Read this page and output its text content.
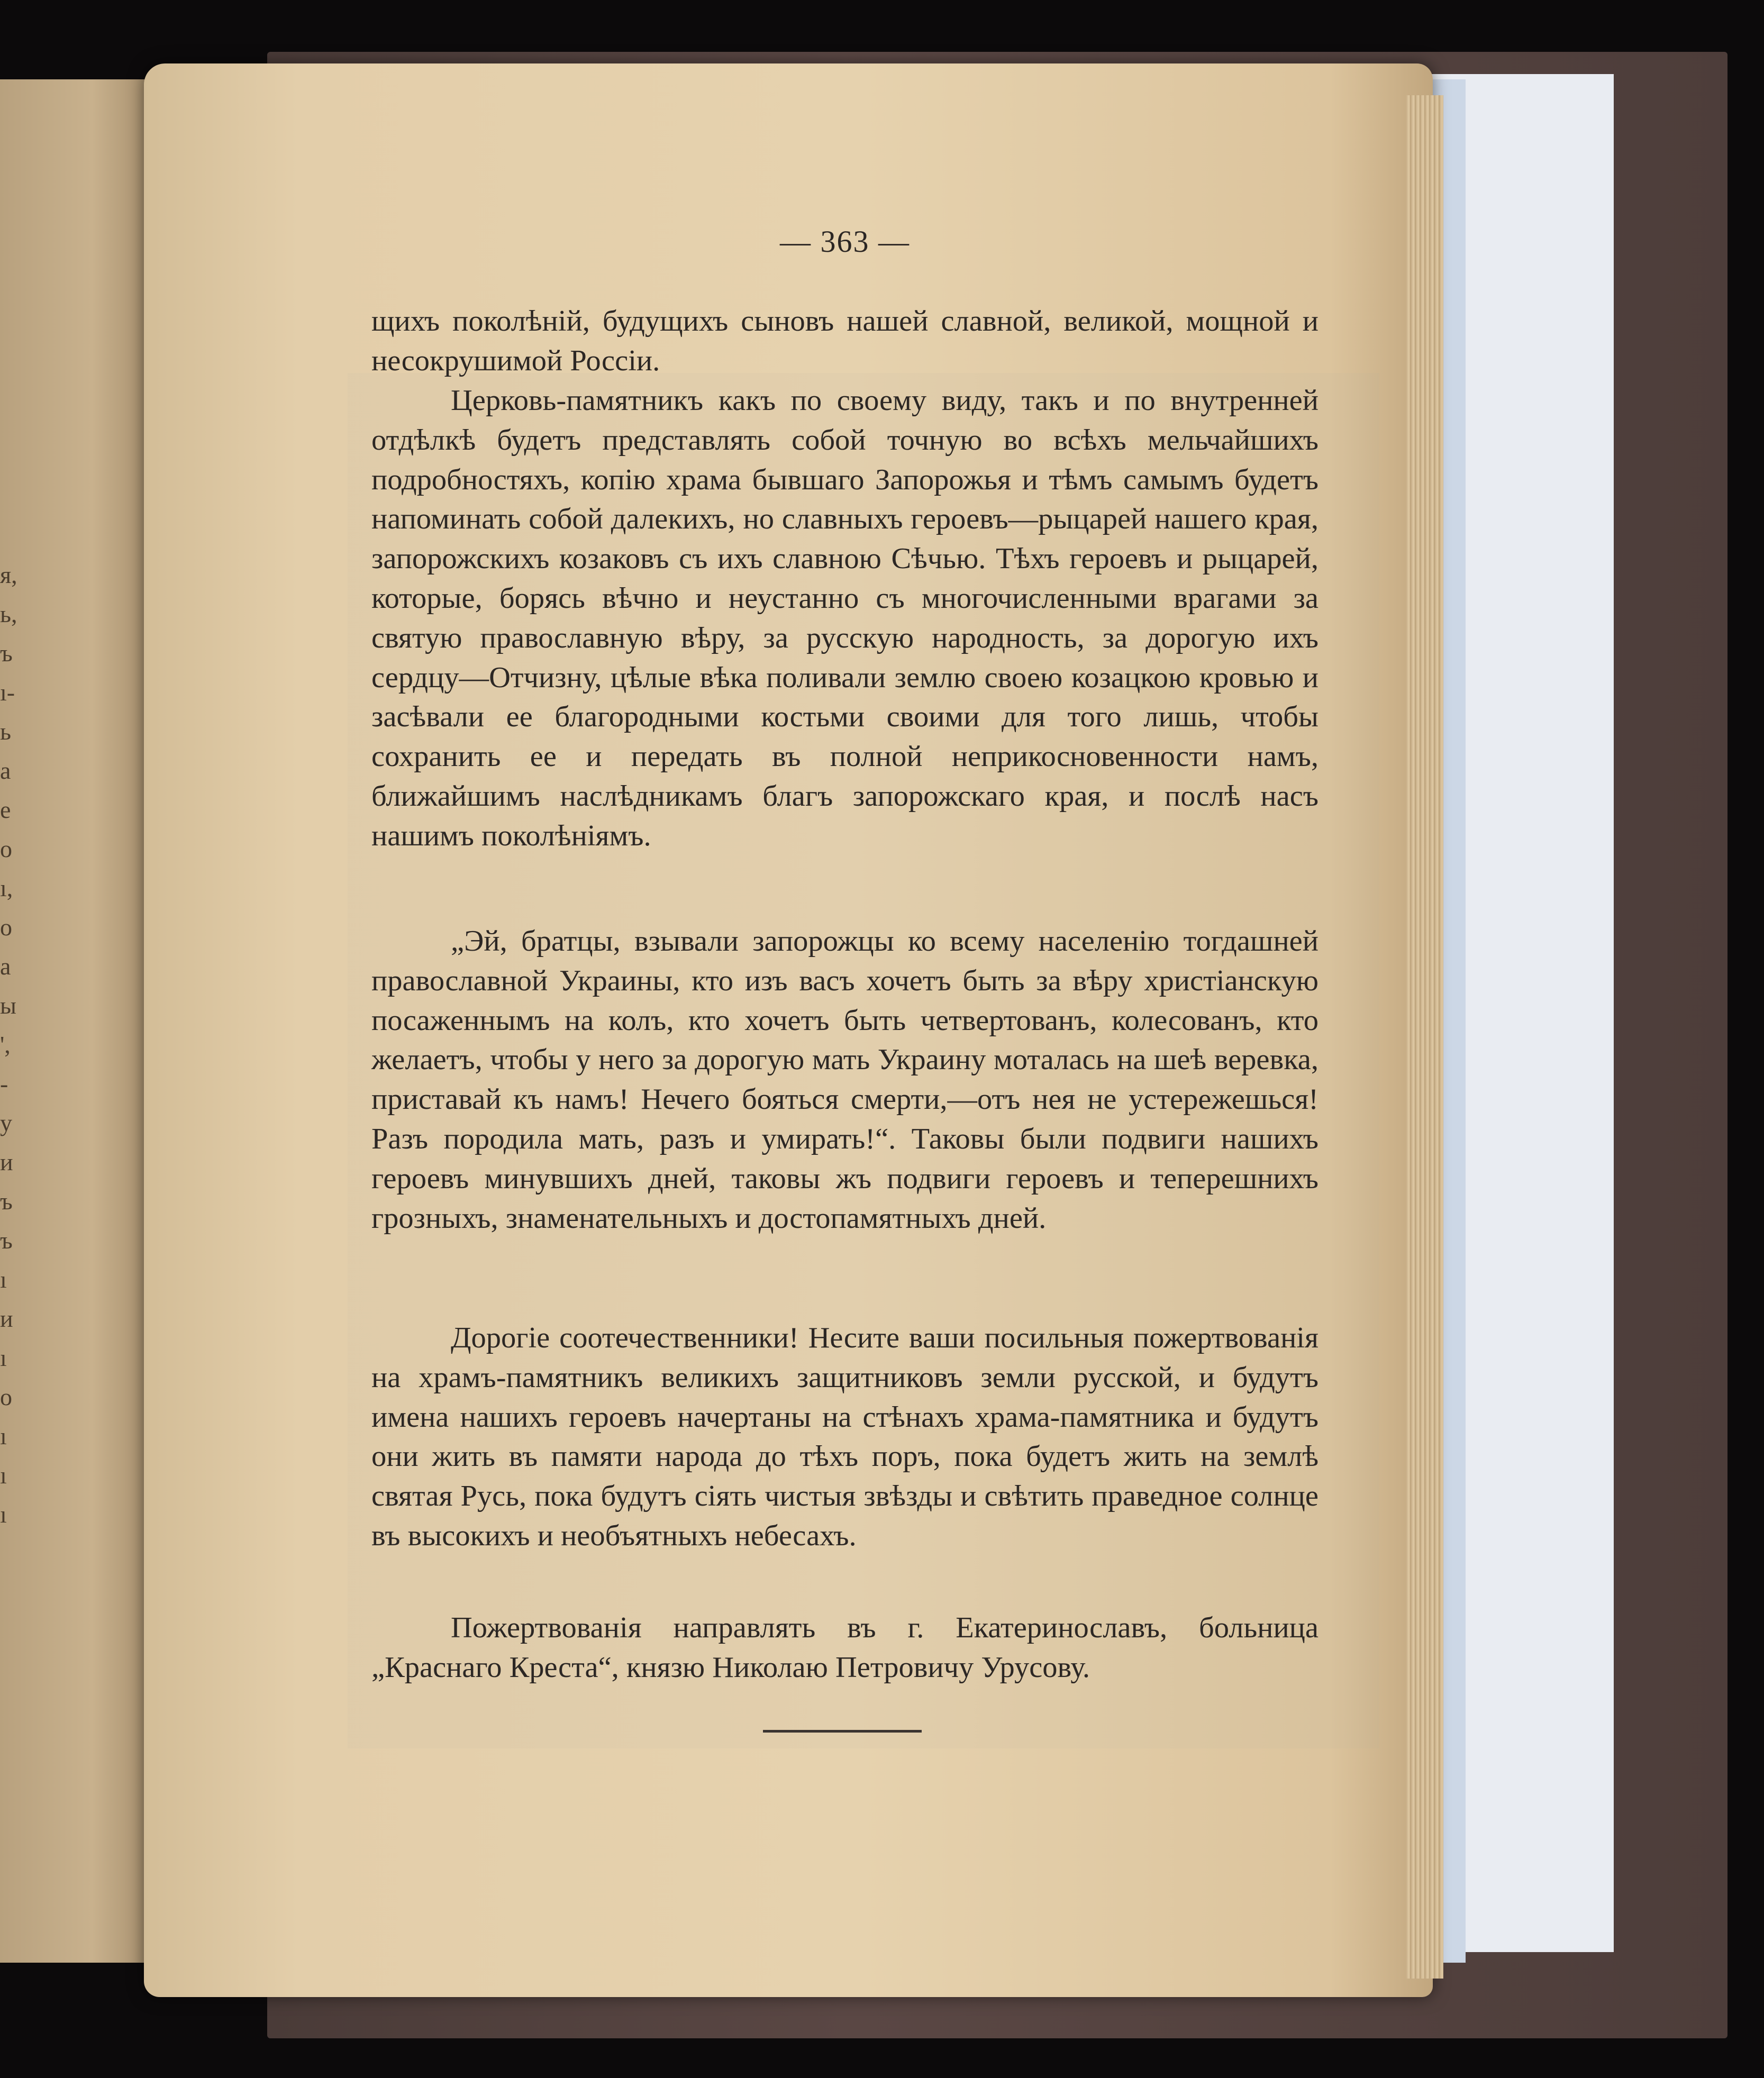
я,
ь,
ъ
ı-
ь
а
е
о
ı,
о
а
ы
',
-
у
и
ъ
ъ
ı
и
ı
о
ı
ı
ı
— 363 —

щихъ поколѣній, будущихъ сыновъ нашей славной, великой, мощной и несокрушимой Россіи.

Церковь-памятникъ какъ по своему виду, такъ и по внутренней отдѣлкѣ будетъ представлять собой точную во всѣхъ мельчайшихъ подробностяхъ, копію храма бывшаго Запорожья и тѣмъ самымъ будетъ напоминать собой далекихъ, но славныхъ героевъ—рыцарей нашего края, запорожскихъ козаковъ съ ихъ славною Сѣчью. Тѣхъ героевъ и рыцарей, которые, борясь вѣчно и неустанно съ многочисленными врагами за святую православную вѣру, за русскую народность, за дорогую ихъ сердцу—Отчизну, цѣлые вѣка поливали землю своею козацкою кровью и засѣвали ее благородными костьми своими для того лишь, чтобы сохранить ее и передать въ полной неприкосновенности намъ, ближайшимъ наслѣдникамъ благъ запорожскаго края, и послѣ насъ нашимъ поколѣніямъ.

„Эй, братцы, взывали запорожцы ко всему населенію тогдашней православной Украины, кто изъ васъ хочетъ быть за вѣру христіанскую посаженнымъ на колъ, кто хочетъ быть четвертованъ, колесованъ, кто желаетъ, чтобы у него за дорогую мать Украину моталась на шеѣ веревка, приставай къ намъ! Нечего бояться смерти,—отъ нея не устережешься! Разъ породила мать, разъ и умирать!“. Таковы были подвиги нашихъ героевъ минувшихъ дней, таковы жъ подвиги героевъ и теперешнихъ грозныхъ, знаменательныхъ и достопамятныхъ дней.

Дорогіе соотечественники! Несите ваши посильныя пожертвованія на храмъ-памятникъ великихъ защитниковъ земли русской, и будутъ имена нашихъ героевъ начертаны на стѣнахъ храма-памятника и будутъ они жить въ памяти народа до тѣхъ поръ, пока будетъ жить на землѣ святая Русь, пока будутъ сіять чистыя звѣзды и свѣтить праведное солнце въ высокихъ и необъятныхъ небесахъ.

Пожертвованія направлять въ г. Екатеринославъ, больница „Краснаго Креста“, князю Николаю Петровичу Урусову.
